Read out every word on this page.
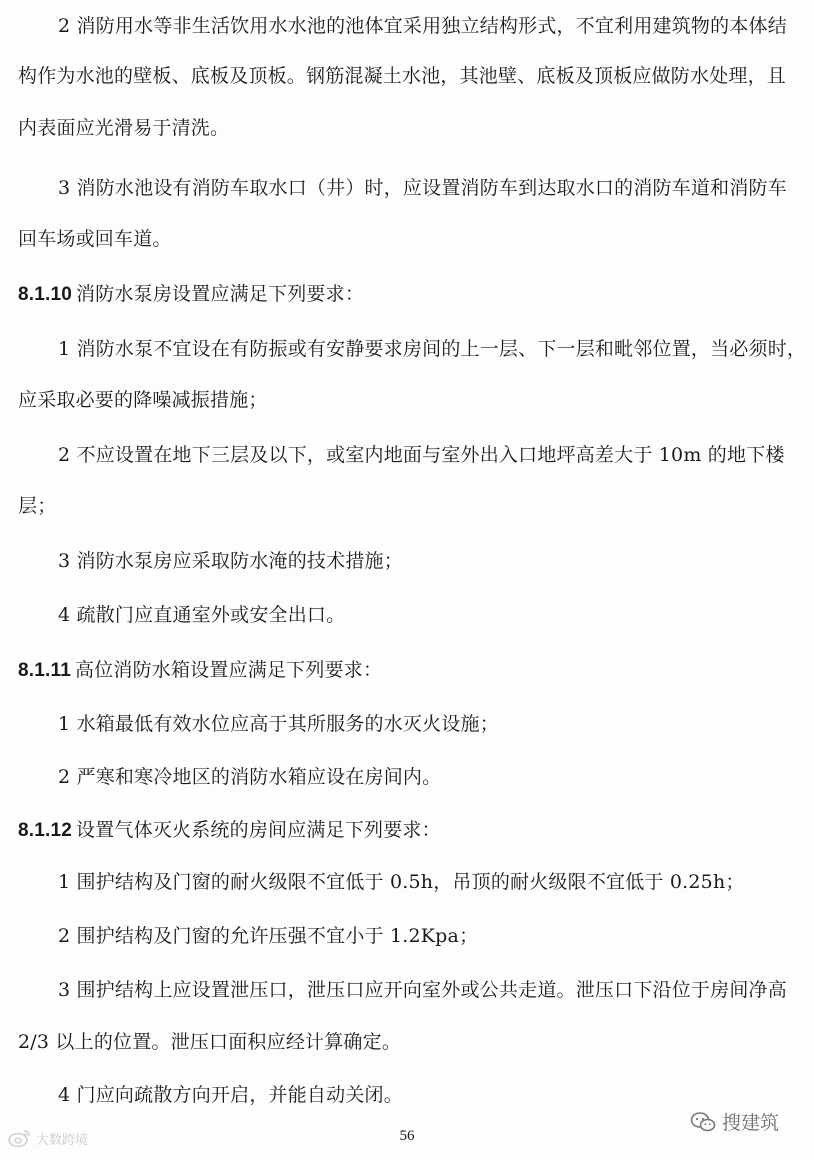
2 消防用水等非生活饮用水水池的池体宜采用独立结构形式，不宜利用建筑物的本体结
构作为水池的壁板、底板及顶板。钢筋混凝土水池，其池壁、底板及顶板应做防水处理，且
内表面应光滑易于清洗。
3 消防水池设有消防车取水口（井）时，应设置消防车到达取水口的消防车道和消防车
回车场或回车道。
8.1.10 消防水泵房设置应满足下列要求：
1 消防水泵不宜设在有防振或有安静要求房间的上一层、下一层和毗邻位置，当必须时，
应采取必要的降噪减振措施；
2 不应设置在地下三层及以下，或室内地面与室外出入口地坪高差大于 10m 的地下楼
层；
3 消防水泵房应采取防水淹的技术措施；
4 疏散门应直通室外或安全出口。
8.1.11 高位消防水箱设置应满足下列要求：
1 水箱最低有效水位应高于其所服务的水灭火设施；
2 严寒和寒冷地区的消防水箱应设在房间内。
8.1.12 设置气体灭火系统的房间应满足下列要求：
1 围护结构及门窗的耐火级限不宜低于 0.5h，吊顶的耐火级限不宜低于 0.25h；
2 围护结构及门窗的允许压强不宜小于 1.2Kpa；
3 围护结构上应设置泄压口，泄压口应开向室外或公共走道。泄压口下沿位于房间净高
2/3 以上的位置。泄压口面积应经计算确定。
4 门应向疏散方向开启，并能自动关闭。
56
大数跨境
搜建筑
